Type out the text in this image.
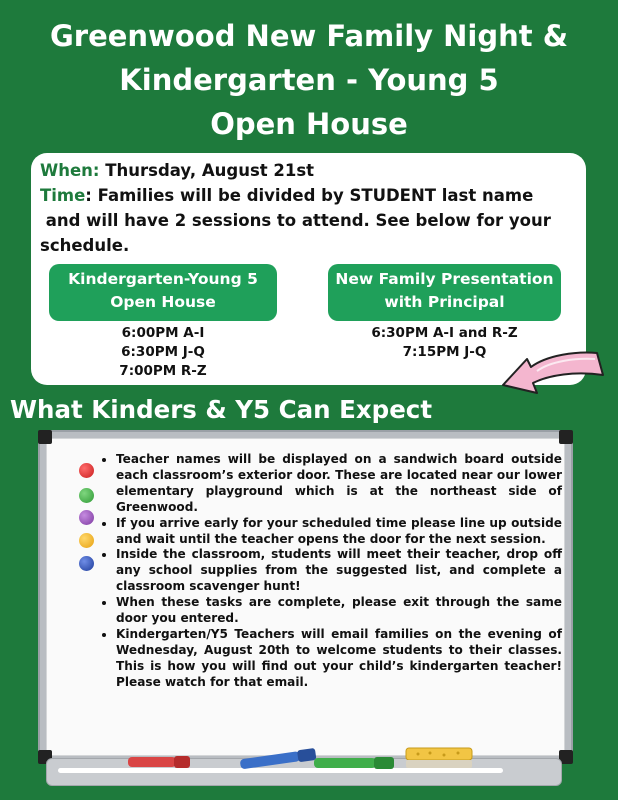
Greenwood New Family Night &
Kindergarten - Young 5
Open House
When: Thursday, August 21st
Time: Families will be divided by STUDENT last name
and will have 2 sessions to attend. See below for your
schedule.
Kindergarten-Young 5
Open House
New Family Presentation
with Principal
6:00PM A-I
6:30PM J-Q
7:00PM R-Z
6:30PM A-I and R-Z
7:15PM J-Q
What Kinders & Y5 Can Expect
• Teacher names will be displayed on a sandwich board outside each classroom’s exterior door. These are located near our lower elementary playground which is at the northeast side of Greenwood.
• If you arrive early for your scheduled time please line up outside and wait until the teacher opens the door for the next session.
• Inside the classroom, students will meet their teacher, drop off any school supplies from the suggested list, and complete a classroom scavenger hunt!
• When these tasks are complete, please exit through the same door you entered.
• Kindergarten/Y5 Teachers will email families on the evening of Wednesday, August 20th to welcome students to their classes. This is how you will find out your child’s kindergarten teacher! Please watch for that email.
